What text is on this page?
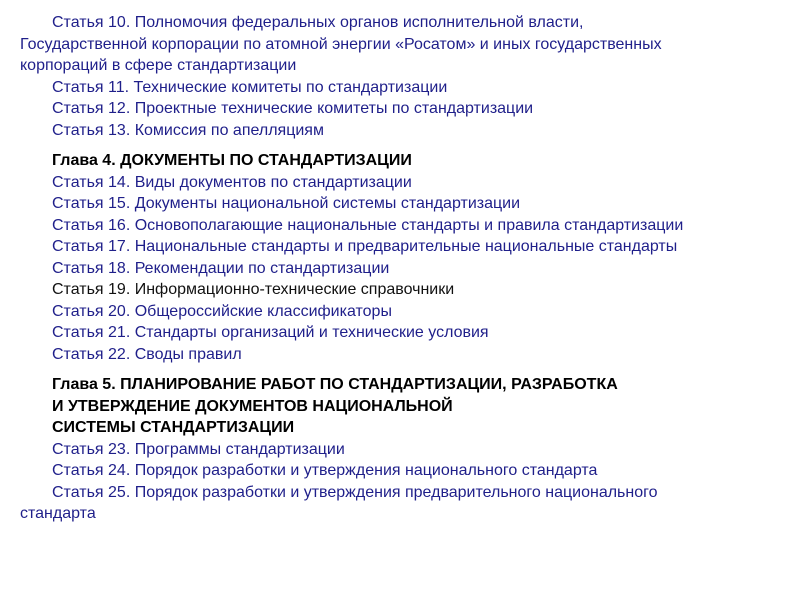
Статья 10. Полномочия федеральных органов исполнительной власти,

Государственной корпорации по атомной энергии «Росатом» и иных государственных

корпораций в сфере стандартизации

Статья 11. Технические комитеты по стандартизации

Статья 12. Проектные технические комитеты по стандартизации

Статья 13. Комиссия по апелляциям

Глава 4. ДОКУМЕНТЫ ПО СТАНДАРТИЗАЦИИ

Статья 14. Виды документов по стандартизации

Статья 15. Документы национальной системы стандартизации

Статья 16. Основополагающие национальные стандарты и правила стандартизации

Статья 17. Национальные стандарты и предварительные национальные стандарты

Статья 18. Рекомендации по стандартизации

Статья 19. Информационно-технические справочники

Статья 20. Общероссийские классификаторы

Статья 21. Стандарты организаций и технические условия

Статья 22. Своды правил

Глава 5. ПЛАНИРОВАНИЕ РАБОТ ПО СТАНДАРТИЗАЦИИ, РАЗРАБОТКА

И УТВЕРЖДЕНИЕ ДОКУМЕНТОВ НАЦИОНАЛЬНОЙ

СИСТЕМЫ СТАНДАРТИЗАЦИИ

Статья 23. Программы стандартизации

Статья 24. Порядок разработки и утверждения национального стандарта

Статья 25. Порядок разработки и утверждения предварительного национального

стандарта
